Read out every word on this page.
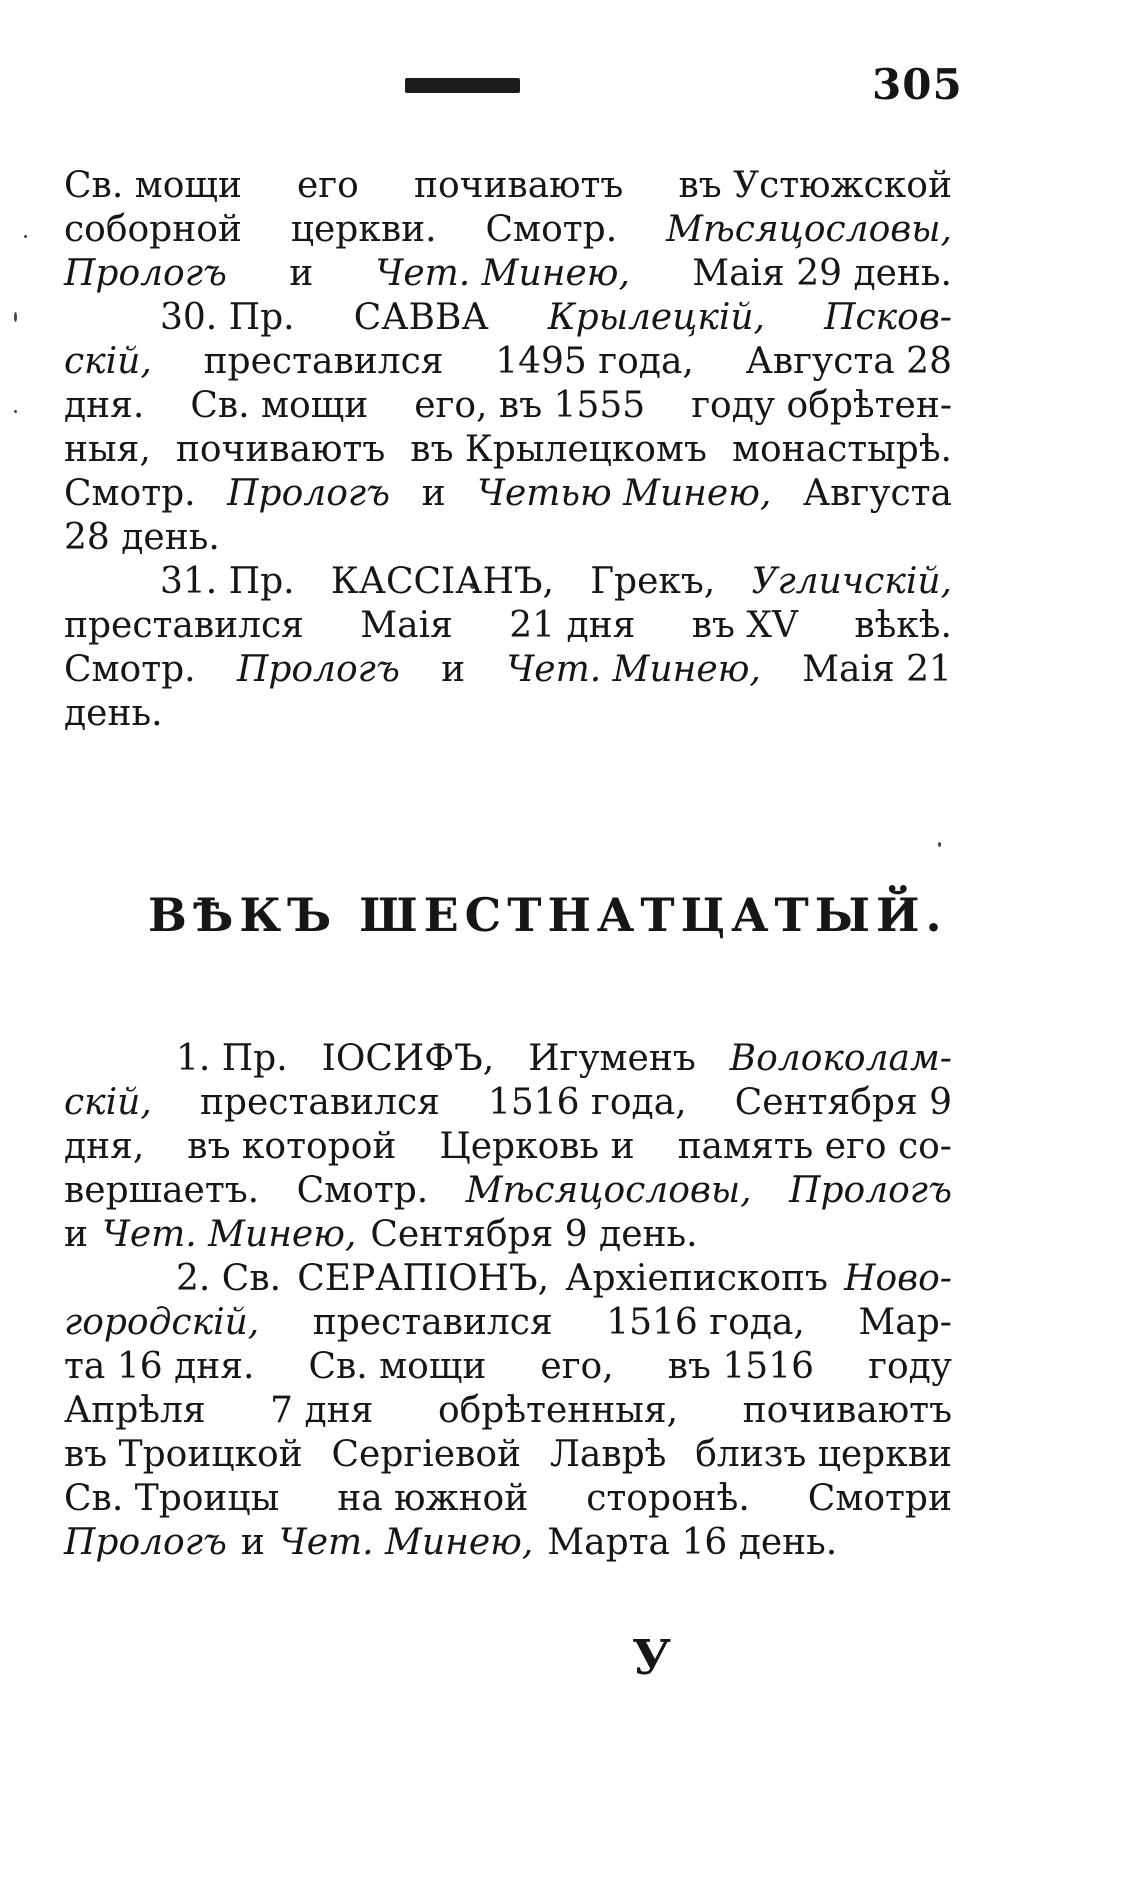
305
Св. мощи его почиваютъ въ Устюжской
соборной церкви. Смотр. Мѣсяцословы,
Прологъ и Чет. Минею, Маія 29 день.
30. Пр. САВВА Крылецкій, Псков-
скій, преставился 1495 года, Августа 28
дня. Св. мощи его, въ 1555 году обрѣтен-
ныя, почиваютъ въ Крылецкомъ монастырѣ.
Смотр. Прологъ и Четью Минею, Августа
28 день.
31. Пр. КАССІАНЪ, Грекъ, Угличскій,
преставился Маія 21 дня въ XV вѣкѣ.
Смотр. Прологъ и Чет. Минею, Маія 21
день.
ВѢКЪ ШЕСТНАТЦАТЫЙ.
1. Пр. ІОСИФЪ, Игуменъ Волоколам-
скій, преставился 1516 года, Сентября 9
дня, въ которой Церковь и память его со-
вершаетъ. Смотр. Мѣсяцословы, Прологъ
и Чет. Минею, Сентября 9 день.
2. Св. СЕРАПІОНЪ, Архіепископъ Ново-
городскій, преставился 1516 года, Мар-
та 16 дня. Св. мощи его, въ 1516 году
Апрѣля 7 дня обрѣтенныя, почиваютъ
въ Троицкой Сергіевой Лаврѣ близъ церкви
Св. Троицы на южной сторонѣ. Смотри
Прологъ и Чет. Минею, Марта 16 день.
У
